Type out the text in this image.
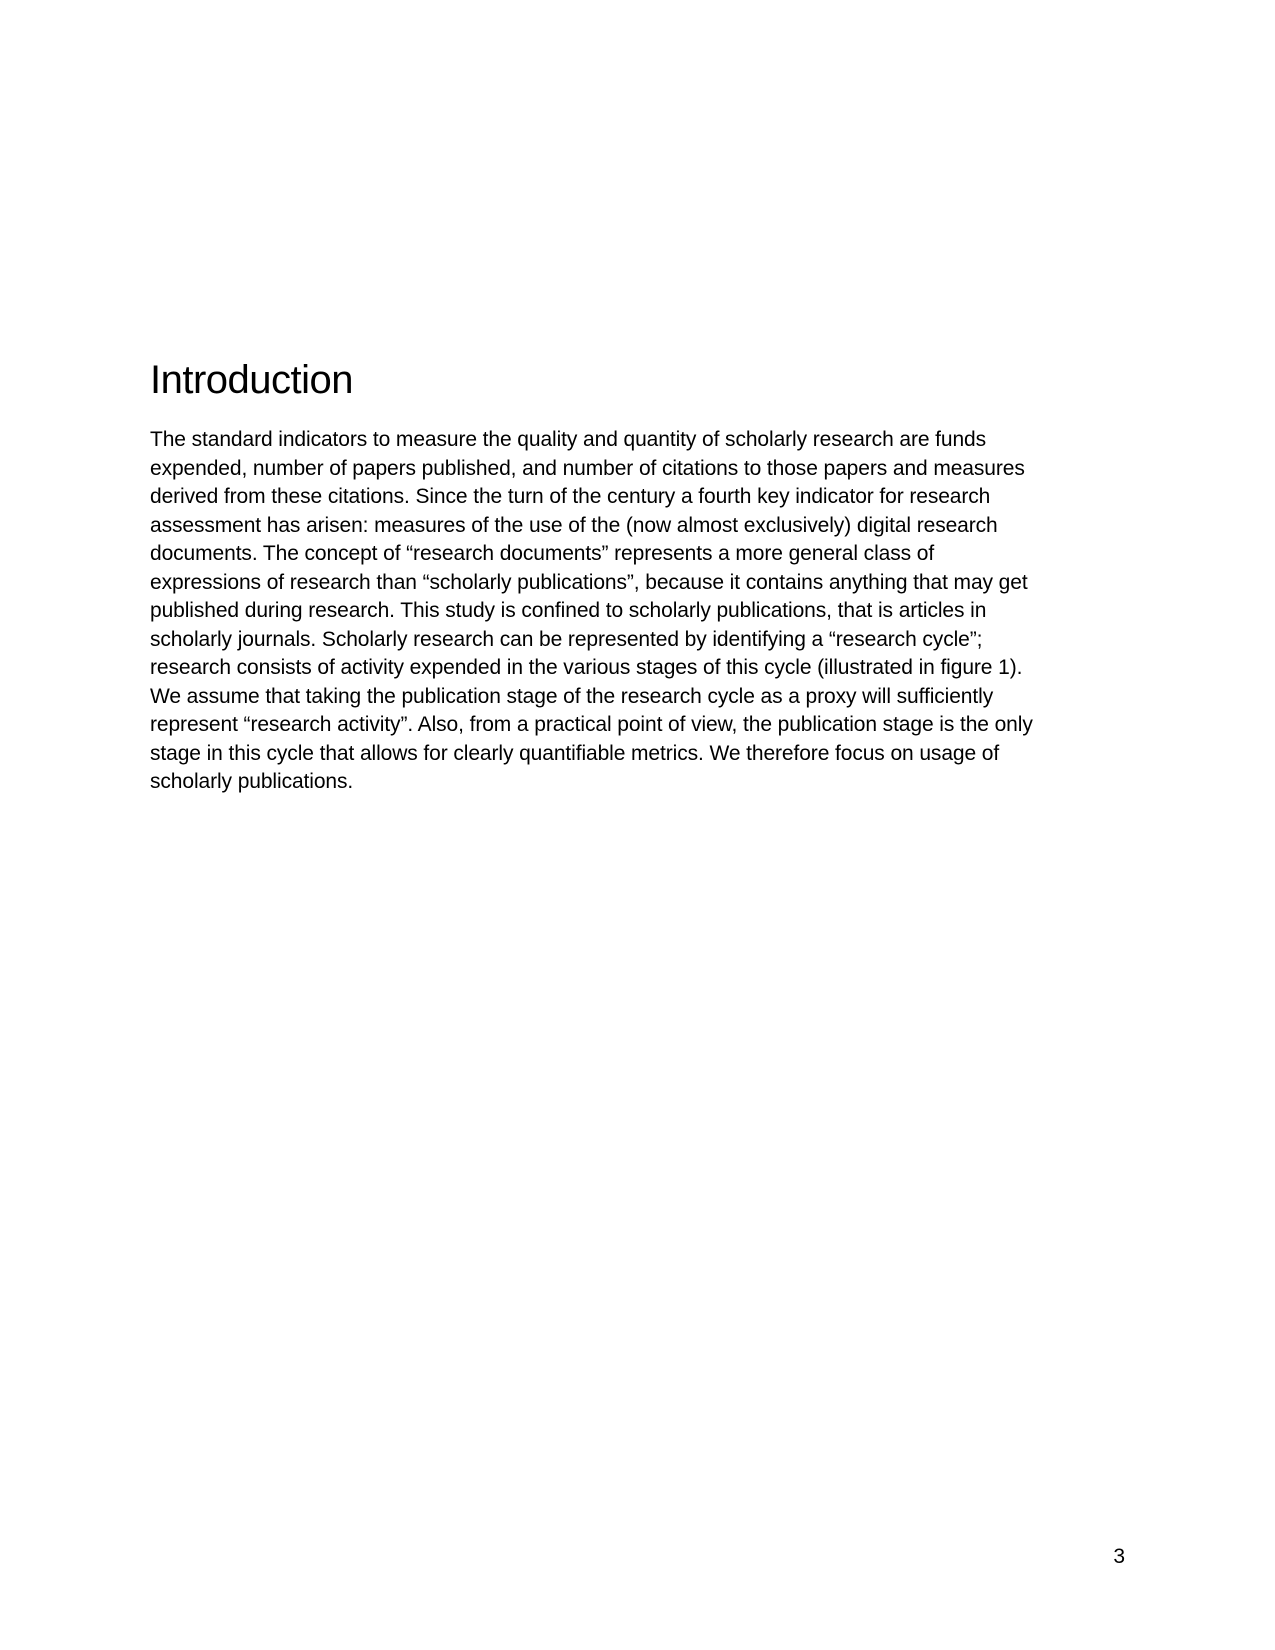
Introduction

The standard indicators to measure the quality and quantity of scholarly research are funds
expended, number of papers published, and number of citations to those papers and measures
derived from these citations. Since the turn of the century a fourth key indicator for research
assessment has arisen: measures of the use of the (now almost exclusively) digital research
documents. The concept of “research documents” represents a more general class of
expressions of research than “scholarly publications”, because it contains anything that may get
published during research. This study is confined to scholarly publications, that is articles in
scholarly journals. Scholarly research can be represented by identifying a “research cycle”;
research consists of activity expended in the various stages of this cycle (illustrated in figure 1).
We assume that taking the publication stage of the research cycle as a proxy will sufficiently
represent “research activity”. Also, from a practical point of view, the publication stage is the only
stage in this cycle that allows for clearly quantifiable metrics. We therefore focus on usage of
scholarly publications.

3
